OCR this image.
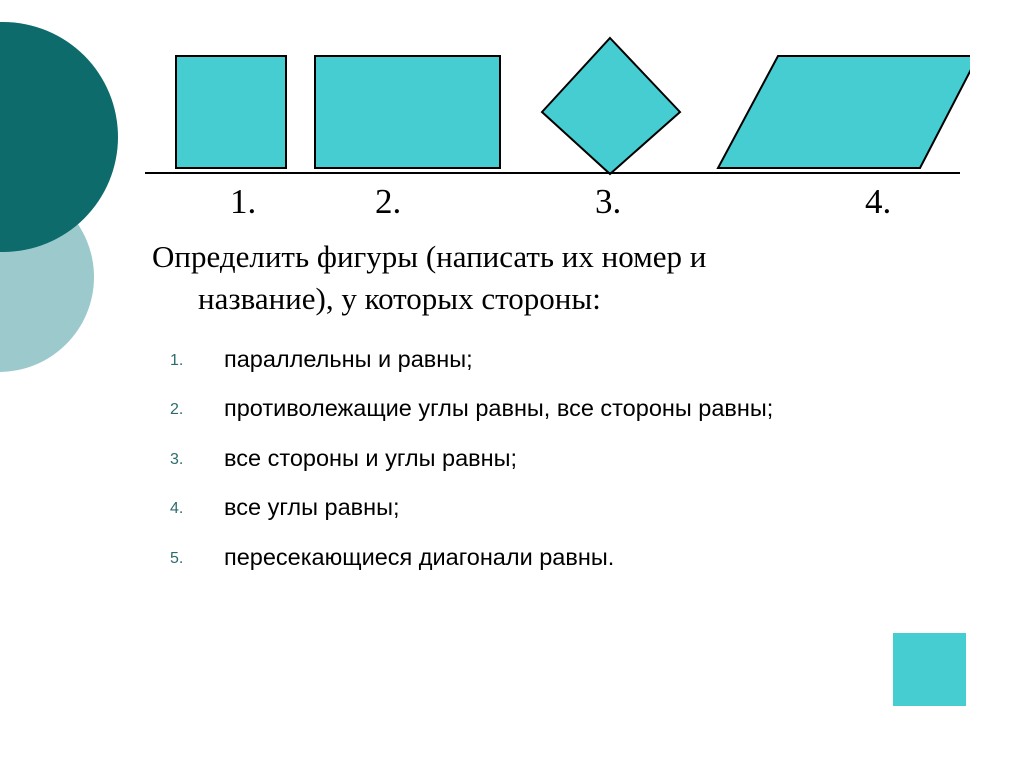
1.	2.	3.	4.
Определить фигуры (написать их номер и
название), у которых стороны:
1. параллельны и равны;
2. противолежащие углы равны, все стороны равны;
3. все стороны и углы равны;
4. все углы равны;
5. пересекающиеся диагонали равны.
